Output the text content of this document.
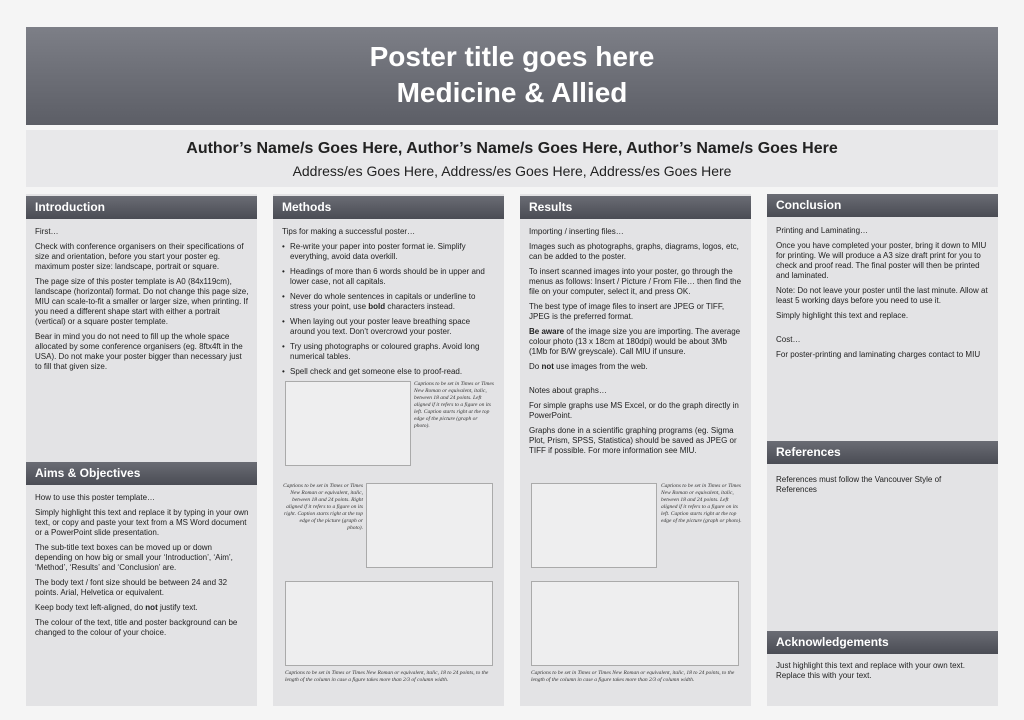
Poster title goes here
Medicine & Allied
Author’s Name/s Goes Here, Author’s Name/s Goes Here, Author’s Name/s Goes Here
Address/es Goes Here, Address/es Goes Here, Address/es Goes Here
Introduction

First…

Check with conference organisers on their specifications of size and orientation, before you start your poster eg. maximum poster size: landscape, portrait or square.

The page size of this poster template is A0 (84x119cm), landscape (horizontal) format. Do not change this page size, MIU can scale-to-fit a smaller or larger size, when printing. If you need a different shape start with either a portrait (vertical) or a square poster template.

Bear in mind you do not need to fill up the whole space allocated by some conference organisers (eg. 8ftx4ft in the USA). Do not make your poster bigger than necessary just to fill that given size.

Aims & Objectives

How to use this poster template…

Simply highlight this text and replace it by typing in your own text, or copy and paste your text from a MS Word document or a PowerPoint slide presentation.

The sub-title text boxes can be moved up or down depending on how big or small your ‘Introduction’, ‘Aim’, ‘Method’, ‘Results’ and ‘Conclusion’ are.

The body text / font size should be between 24 and 32 points. Arial, Helvetica or equivalent.

Keep body text left-aligned, do not justify text.

The colour of the text, title and poster background can be changed to the colour of your choice.

Methods

Tips for making a successful poster…

• Re-write your paper into poster format ie. Simplify everything, avoid data overkill.
• Headings of more than 6 words should be in upper and lower case, not all capitals.
• Never do whole sentences in capitals or underline to stress your point, use bold characters instead.
• When laying out your poster leave breathing space around you text. Don’t overcrowd your poster.
• Try using photographs or coloured graphs. Avoid long numerical tables.
• Spell check and get someone else to proof-read.
Captions to be set in Times or Times New Roman or equivalent, italic, between 18 and 24 points. Left aligned if it refers to a figure on its left. Caption starts right at the top edge of the picture (graph or photo).
Captions to be set in Times or Times New Roman or equivalent, italic, between 18 and 24 points. Right aligned if it refers to a figure on its right. Caption starts right at the top edge of the picture (graph or photo).
Captions to be set in Times or Times New Roman or equivalent, italic, 18 to 24 points, to the length of the column in case a figure takes more than 2/3 of column width.
Results

Importing / inserting files…

Images such as photographs, graphs, diagrams, logos, etc, can be added to the poster.

To insert scanned images into your poster, go through the menus as follows: Insert / Picture / From File… then find the file on your computer, select it, and press OK.

The best type of image files to insert are JPEG or TIFF, JPEG is the preferred format.

Be aware of the image size you are importing. The average colour photo (13 x 18cm at 180dpi) would be about 3Mb (1Mb for B/W greyscale). Call MIU if unsure.

Do not use images from the web.

Notes about graphs…

For simple graphs use MS Excel, or do the graph directly in PowerPoint.

Graphs done in a scientific graphing programs (eg. Sigma Plot, Prism, SPSS, Statistica) should be saved as JPEG or TIFF if possible. For more information see MIU.

Captions to be set in Times or Times New Roman or equivalent, italic, between 18 and 24 points. Left aligned if it refers to a figure on its left. Caption starts right at the top edge of the picture (graph or photo).
Captions to be set in Times or Times New Roman or equivalent, italic, 18 to 24 points, to the length of the column in case a figure takes more than 2/3 of column width.
Conclusion

Printing and Laminating…

Once you have completed your poster, bring it down to MIU for printing. We will produce a A3 size draft print for you to check and proof read. The final poster will then be printed and laminated.

Note: Do not leave your poster until the last minute. Allow at least 5 working days before you need to use it.

Simply highlight this text and replace.

Cost…

For poster-printing and laminating charges contact to MIU

References

References must follow the Vancouver Style of References

Acknowledgements

Just highlight this text and replace with your own text. Replace this with your text.
